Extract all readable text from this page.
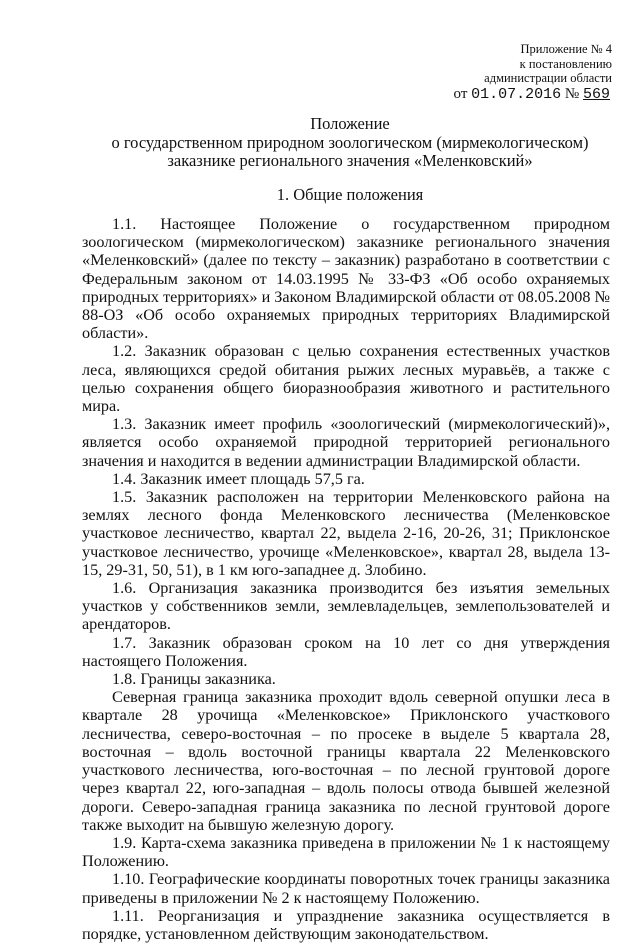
Приложение № 4
к постановлению
администрации области
от 01.07.2016 № 569
Положение
о государственном природном зоологическом (мирмекологическом)
заказнике регионального значения «Меленковский»
1. Общие положения

1.1. Настоящее Положение о государственном природном зоологическом (мирмекологическом) заказнике регионального значения «Меленковский» (далее по тексту – заказник) разработано в соответствии с Федеральным законом от 14.03.1995 № 33-ФЗ «Об особо охраняемых природных территориях» и Законом Владимирской области от 08.05.2008 № 88-ОЗ «Об особо охраняемых природных территориях Владимирской области».

1.2. Заказник образован с целью сохранения естественных участков леса, являющихся средой обитания рыжих лесных муравьёв, а также с целью сохранения общего биоразнообразия животного и растительного мира.

1.3. Заказник имеет профиль «зоологический (мирмекологический)», является особо охраняемой природной территорией регионального значения и находится в ведении администрации Владимирской области.

1.4. Заказник имеет площадь 57,5 га.

1.5. Заказник расположен на территории Меленковского района на землях лесного фонда Меленковского лесничества (Меленковское участковое лесничество, квартал 22, выдела 2-16, 20-26, 31; Приклонское участковое лесничество, урочище «Меленковское», квартал 28, выдела 13-15, 29-31, 50, 51), в 1 км юго-западнее д. Злобино.

1.6. Организация заказника производится без изъятия земельных участков у собственников земли, землевладельцев, землепользователей и арендаторов.

1.7. Заказник образован сроком на 10 лет со дня утверждения настоящего Положения.

1.8. Границы заказника.

Северная граница заказника проходит вдоль северной опушки леса в квартале 28 урочища «Меленковское» Приклонского участкового лесничества, северо-восточная – по просеке в выделе 5 квартала 28, восточная – вдоль восточной границы квартала 22 Меленковского участкового лесничества, юго-восточная – по лесной грунтовой дороге через квартал 22, юго-западная – вдоль полосы отвода бывшей железной дороги. Северо-западная граница заказника по лесной грунтовой дороге также выходит на бывшую железную дорогу.

1.9. Карта-схема заказника приведена в приложении № 1 к настоящему Положению.

1.10. Географические координаты поворотных точек границы заказника приведены в приложении № 2 к настоящему Положению.

1.11. Реорганизация и упразднение заказника осуществляется в порядке, установленном действующим законодательством.
